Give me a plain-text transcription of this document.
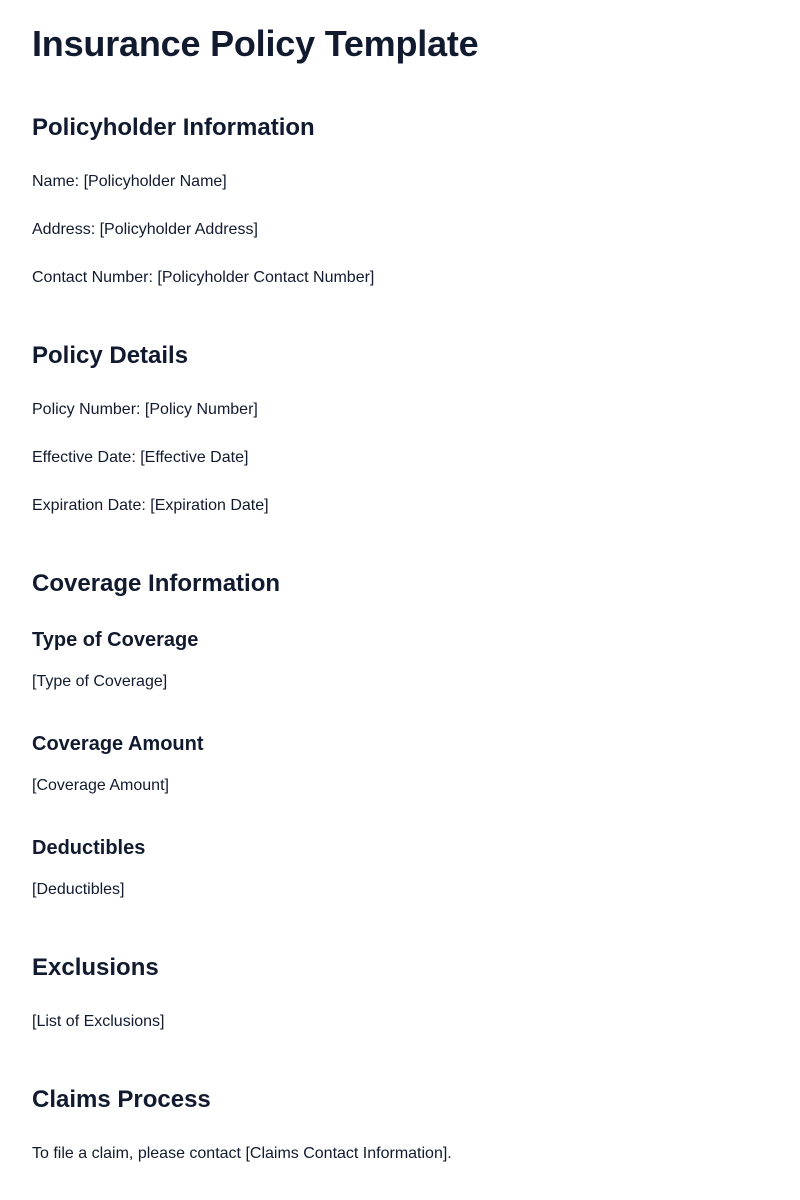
Insurance Policy Template
Policyholder Information

Name: [Policyholder Name]

Address: [Policyholder Address]

Contact Number: [Policyholder Contact Number]

Policy Details

Policy Number: [Policy Number]

Effective Date: [Effective Date]

Expiration Date: [Expiration Date]

Coverage Information
Type of Coverage

[Type of Coverage]

Coverage Amount

[Coverage Amount]

Deductibles

[Deductibles]

Exclusions

[List of Exclusions]

Claims Process

To file a claim, please contact [Claims Contact Information].
